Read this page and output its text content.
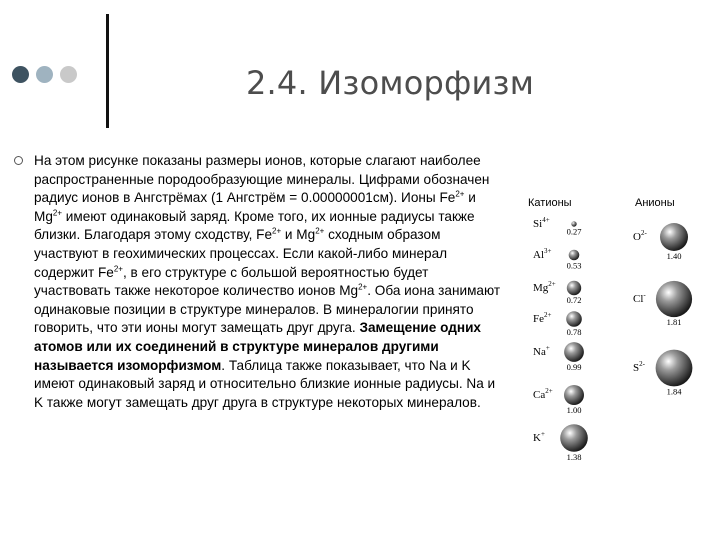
2.4. Изоморфизм
На этом рисунке показаны размеры ионов, которые слагают наиболее распространенные породообразующие минералы. Цифрами обозначен радиус ионов в Ангстрёмах (1 Ангстрём = 0.00000001см). Ионы $Fe^{2+}$ и $Mg^{2+}$ имеют одинаковый заряд. Кроме того, их ионные радиусы также близки. Благодаря этому сходству, $Fe^{2+}$ и $Mg^{2+}$ сходным образом участвуют в геохимических процессах. Если какой-либо минерал содержит $Fe^{2+}$, в его структуре с большой вероятностью будет участвовать также некоторое количество ионов $Mg^{2+}$. Оба иона занимают одинаковые позиции в структуре минералов. В минералогии принято говорить, что эти ионы могут замещать друг друга. Замещение одних атомов или их соединений в структуре минералов другими называется изоморфизмом. Таблица также показывает, что Na и K имеют одинаковый заряд и относительно близкие ионные радиусы. Na и K также могут замещать друг друга в структуре некоторых минералов.
Катионы	Анионы
$Si^{4+}$
0.27
$Al^{3+}$
0.53
$Mg^{2+}$
0.72
$Fe^{2+}$
0.78
Na+
0.99
$Ca^{2+}$
1.00
K+
1.38
$O^{2-}$
1.40
Cl-
1.81
$S^{2-}$
1.84
